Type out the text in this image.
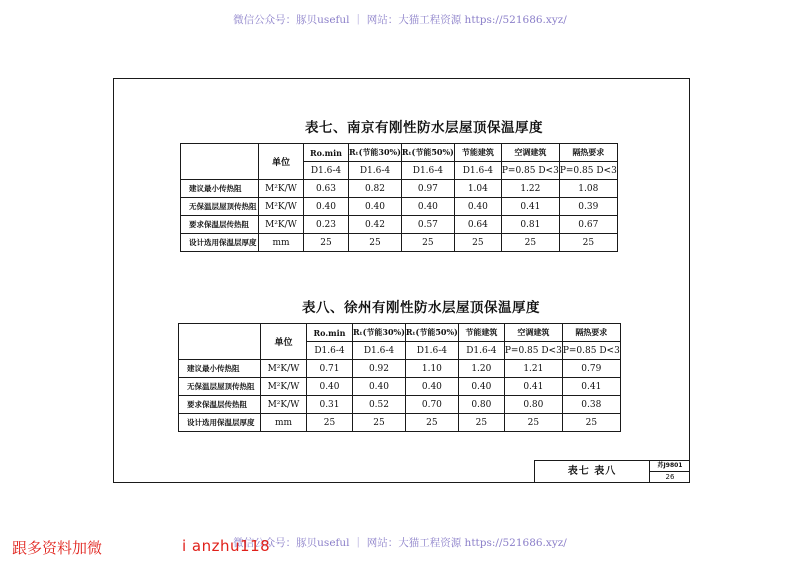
微信公众号：豚贝useful ｜ 网站：大猫工程资源 https://521686.xyz/
表七、南京有刚性防水层屋顶保温厚度
	单位	Ro.min	Rₜ(节能30%)	Rₜ(节能50%)	节能建筑	空调建筑	隔热要求
		D1.6-4	D1.6-4	D1.6-4	D1.6-4	P=0.85 D<3	P=0.85 D<3
建议最小传热阻	M²K/W	0.63	0.82	0.97	1.04	1.22	1.08
无保温层屋顶传热阻	M²K/W	0.40	0.40	0.40	0.40	0.41	0.39
要求保温层传热阻	M²K/W	0.23	0.42	0.57	0.64	0.81	0.67
设计选用保温层厚度	mm	25	25	25	25	25	25
表八、徐州有刚性防水层屋顶保温厚度
	单位	Ro.min	Rₜ(节能30%)	Rₜ(节能50%)	节能建筑	空调建筑	隔热要求
		D1.6-4	D1.6-4	D1.6-4	D1.6-4	P=0.85 D<3	P=0.85 D<3
建议最小传热阻	M²K/W	0.71	0.92	1.10	1.20	1.21	0.79
无保温层屋顶传热阻	M²K/W	0.40	0.40	0.40	0.40	0.41	0.41
要求保温层传热阻	M²K/W	0.31	0.52	0.70	0.80	0.80	0.38
设计选用保温层厚度	mm	25	25	25	25	25	25
表七 表八
苏J9801
26
微信公众号：豚贝useful ｜ 网站：大猫工程资源 https://521686.xyz/
跟多资料加微	i anzhu118
